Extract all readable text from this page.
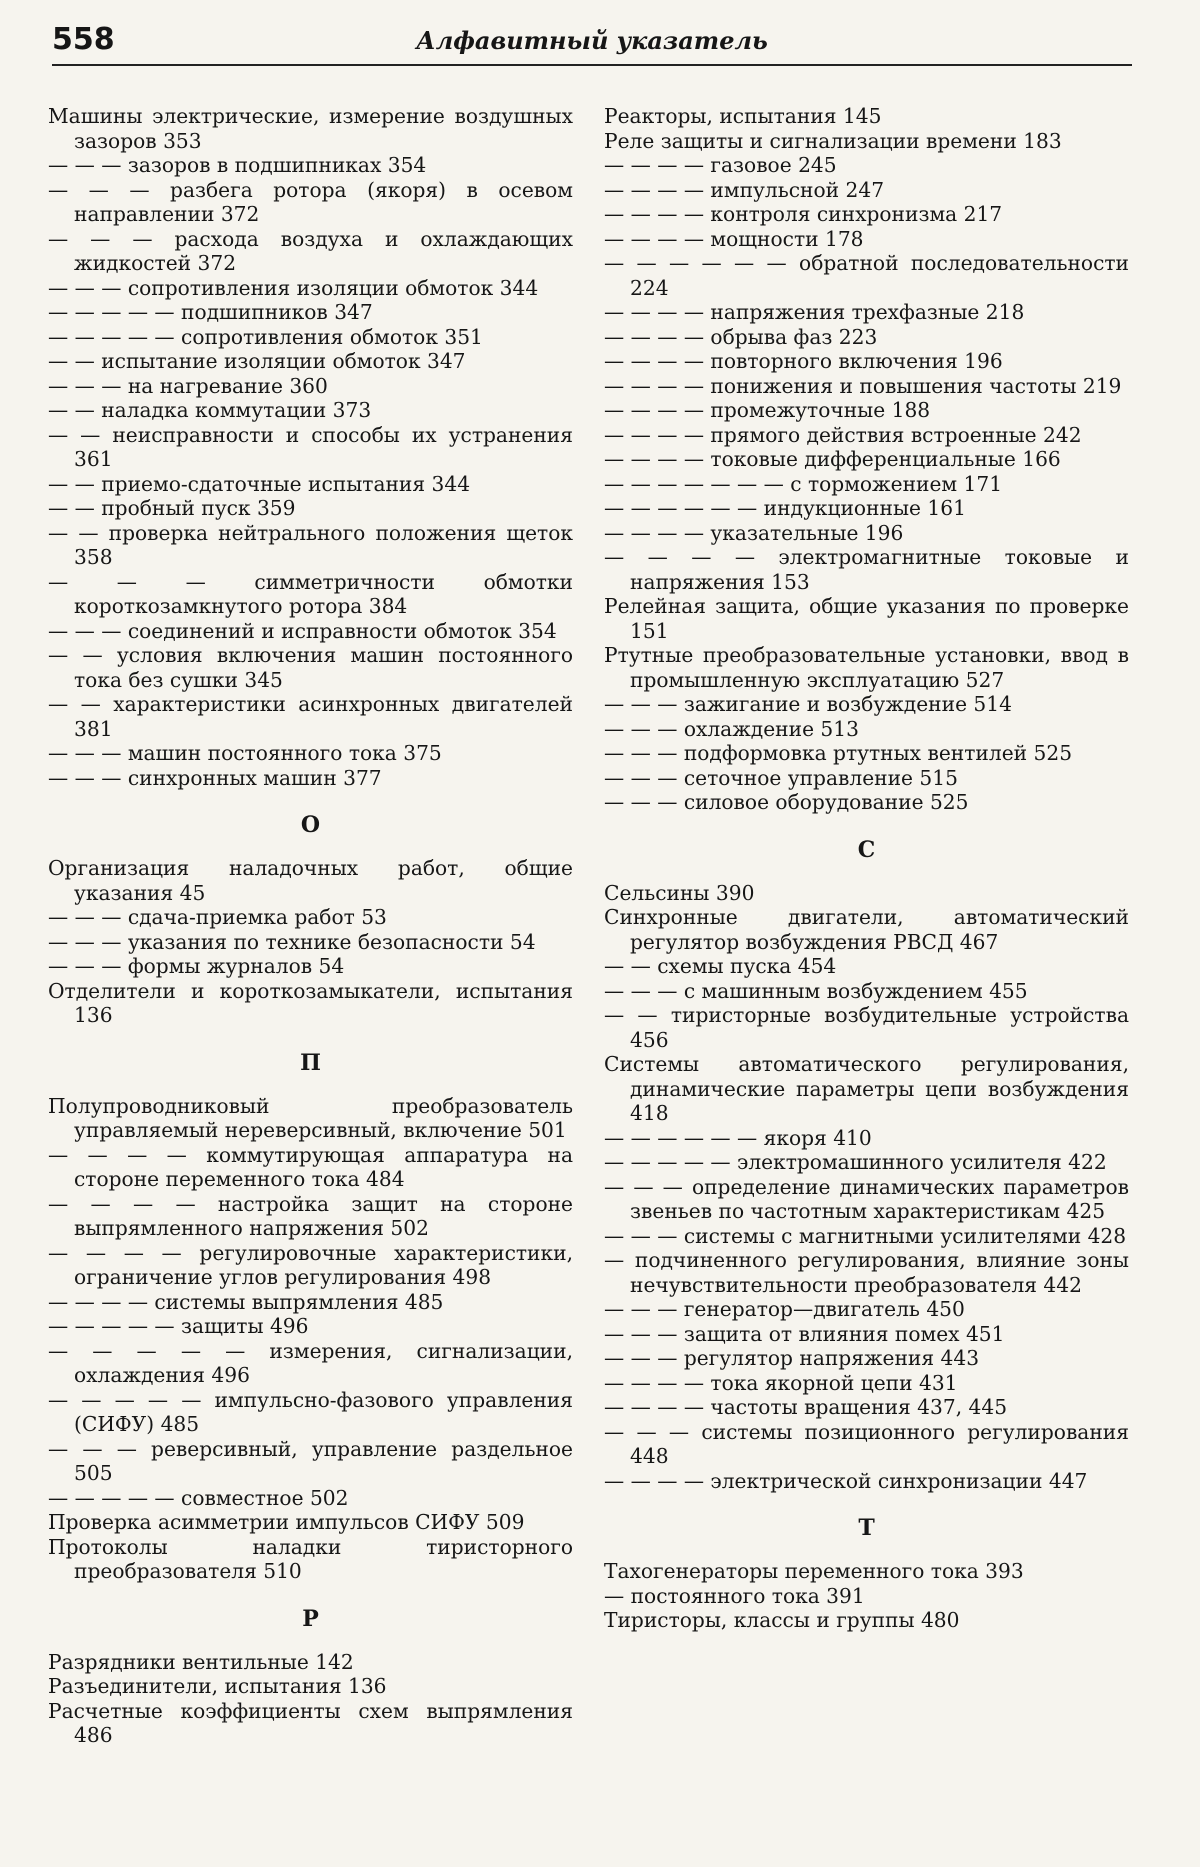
558	Алфавитный указатель
Машины электрические, измерение воздушных зазоров 353
— — — зазоров в подшипниках 354
— — — разбега ротора (якоря) в осевом направлении 372
— — — расхода воздуха и охлаждающих жидкостей 372
— — — сопротивления изоляции обмоток 344
— — — — — подшипников 347
— — — — — сопротивления обмоток 351
— — испытание изоляции обмоток 347
— — — на нагревание 360
— — наладка коммутации 373
— — неисправности и способы их устранения 361
— — приемо-сдаточные испытания 344
— — пробный пуск 359
— — проверка нейтрального положения щеток 358
— — — симметричности обмотки короткозамкнутого ротора 384
— — — соединений и исправности обмоток 354
— — условия включения машин постоянного тока без сушки 345
— — характеристики асинхронных двигателей 381
— — — машин постоянного тока 375
— — — синхронных машин 377
О
Организация наладочных работ, общие указания 45
— — — сдача-приемка работ 53
— — — указания по технике безопасности 54
— — — формы журналов 54
Отделители и короткозамыкатели, испытания 136
П
Полупроводниковый преобразователь управляемый нереверсивный, включение 501
— — — — коммутирующая аппаратура на стороне переменного тока 484
— — — — настройка защит на стороне выпрямленного напряжения 502
— — — — регулировочные характеристики, ограничение углов регулирования 498
— — — — системы выпрямления 485
— — — — — защиты 496
— — — — — измерения, сигнализации, охлаждения 496
— — — — — импульсно-фазового управления (СИФУ) 485
— — — реверсивный, управление раздельное 505
— — — — — совместное 502
Проверка асимметрии импульсов СИФУ 509
Протоколы наладки тиристорного преобразователя 510
Р
Разрядники вентильные 142
Разъединители, испытания 136
Расчетные коэффициенты схем выпрямления 486
Реакторы, испытания 145
Реле защиты и сигнализации времени 183
— — — — газовое 245
— — — — импульсной 247
— — — — контроля синхронизма 217
— — — — мощности 178
— — — — — — обратной последовательности 224
— — — — напряжения трехфазные 218
— — — — обрыва фаз 223
— — — — повторного включения 196
— — — — понижения и повышения частоты 219
— — — — промежуточные 188
— — — — прямого действия встроенные 242
— — — — токовые дифференциальные 166
— — — — — — — с торможением 171
— — — — — — индукционные 161
— — — — указательные 196
— — — — электромагнитные токовые и напряжения 153
Релейная защита, общие указания по проверке 151
Ртутные преобразовательные установки, ввод в промышленную эксплуатацию 527
— — — зажигание и возбуждение 514
— — — охлаждение 513
— — — подформовка ртутных вентилей 525
— — — сеточное управление 515
— — — силовое оборудование 525
С
Сельсины 390
Синхронные двигатели, автоматический регулятор возбуждения РВСД 467
— — схемы пуска 454
— — — с машинным возбуждением 455
— — тиристорные возбудительные устройства 456
Системы автоматического регулирования, динамические параметры цепи возбуждения 418
— — — — — — якоря 410
— — — — — электромашинного усилителя 422
— — — определение динамических параметров звеньев по частотным характеристикам 425
— — — системы с магнитными усилителями 428
— подчиненного регулирования, влияние зоны нечувствительности преобразователя 442
— — — генератор—двигатель 450
— — — защита от влияния помех 451
— — — регулятор напряжения 443
— — — — тока якорной цепи 431
— — — — частоты вращения 437, 445
— — — системы позиционного регулирования 448
— — — — электрической синхронизации 447
Т
Тахогенераторы переменного тока 393
— постоянного тока 391
Тиристоры, классы и группы 480
